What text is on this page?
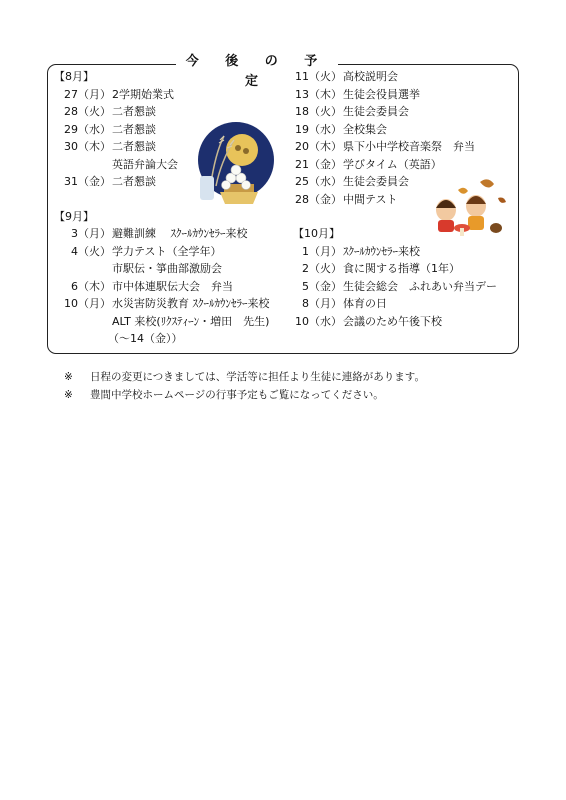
今 後 の 予 定
【8月】
27 （月） 2学期始業式
28 （火） 二者懇談
29 （水） 二者懇談
30 （木） 二者懇談
英語弁論大会
31 （金） 二者懇談
【9月】
3 （月） 避難訓練　 ｽｸｰﾙｶｳﾝｾﾗｰ来校
4 （火） 学力テスト（全学年）
市駅伝・箏曲部激励会
6 （木） 市中体連駅伝大会　弁当
10 （月） 水災害防災教育 ｽｸｰﾙｶｳﾝｾﾗｰ来校
ALT 来校(ﾘｸｽﾃｨｰﾝ・増田　先生)
（～14（金））
11 （火） 高校説明会
13 （木） 生徒会役員選挙
18 （火） 生徒会委員会
19 （水） 全校集会
20 （木） 県下小中学校音楽祭　弁当
21 （金） 学びタイム（英語）
25 （水） 生徒会委員会
28 （金） 中間テスト
【10月】
1 （月） ｽｸｰﾙｶｳﾝｾﾗｰ来校
2 （火） 食に関する指導（1年）
5 （金） 生徒会総会　ふれあい弁当デー
8 （月） 体育の日
10 （水） 会議のため午後下校
※ 日程の変更につきましては、学活等に担任より生徒に連絡があります。
※ 豊間中学校ホームページの行事予定もご覧になってください。
